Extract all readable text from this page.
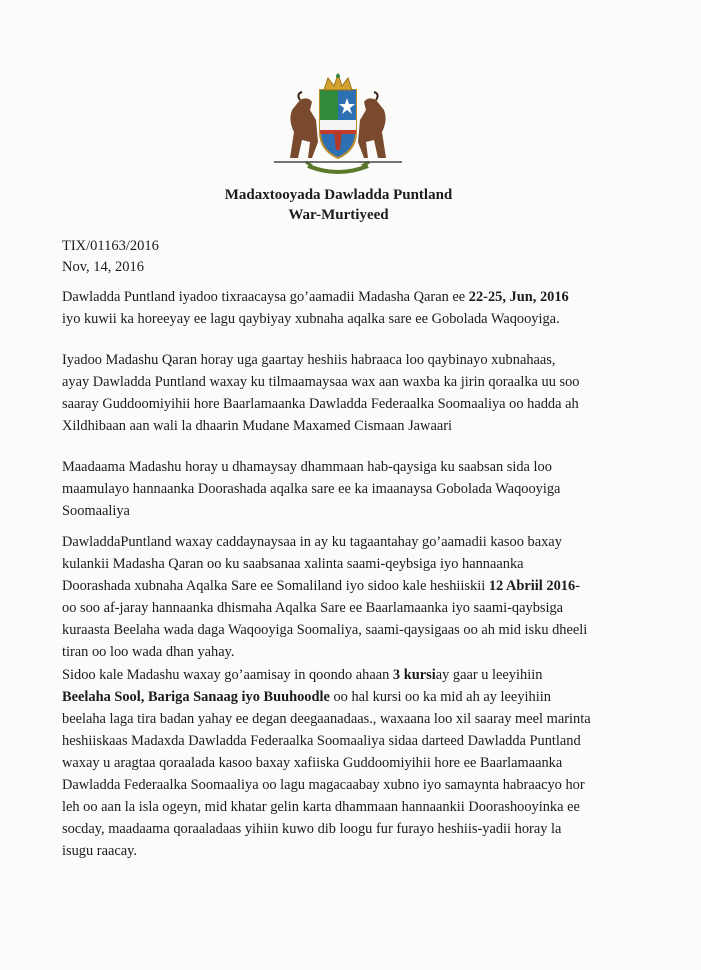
Madaxtooyada Dawladda Puntland
War-Murtiyeed
TIX/01163/2016
Nov, 14, 2016
Dawladda Puntland iyadoo tixraacaysa go’aamadii Madasha Qaran ee 22-25, Jun, 2016
iyo kuwii ka horeeyay ee lagu qaybiyay xubnaha aqalka sare ee Gobolada Waqooyiga.
Iyadoo Madashu Qaran horay uga gaartay heshiis habraaca loo qaybinayo xubnahaas,
ayay Dawladda Puntland waxay ku tilmaamaysaa wax aan waxba ka jirin qoraalka uu soo
saaray Guddoomiyihii hore Baarlamaanka Dawladda Federaalka Soomaaliya oo hadda ah
Xildhibaan aan wali la dhaarin Mudane Maxamed Cismaan Jawaari
Maadaama Madashu horay u dhamaysay dhammaan hab-qaysiga ku saabsan sida loo
maamulayo hannaanka Doorashada aqalka sare ee ka imaanaysa Gobolada Waqooyiga
Soomaaliya
DawladdaPuntland waxay caddaynaysaa in ay ku tagaantahay go’aamadii kasoo baxay
kulankii Madasha Qaran oo ku saabsanaa xalinta saami-qeybsiga iyo hannaanka
Doorashada xubnaha Aqalka Sare ee Somaliland iyo sidoo kale heshiiskii 12 Abriil 2016-
oo soo af-jaray hannaanka dhismaha Aqalka Sare ee Baarlamaanka iyo saami-qaybsiga
kuraasta Beelaha wada daga Waqooyiga Soomaliya, saami-qaysigaas oo ah mid isku dheeli
tiran oo loo wada dhan yahay.
Sidoo kale Madashu waxay go’aamisay in qoondo ahaan 3 kursiay gaar u leeyihiin
Beelaha Sool, Bariga Sanaag iyo Buuhoodle oo hal kursi oo ka mid ah ay leeyihiin
beelaha laga tira badan yahay ee degan deegaanadaas., waxaana loo xil saaray meel marinta
heshiiskaas Madaxda Dawladda Federaalka Soomaaliya sidaa darteed Dawladda Puntland
waxay u aragtaa qoraalada kasoo baxay xafiiska Guddoomiyihii hore ee Baarlamaanka
Dawladda Federaalka Soomaaliya oo lagu magacaabay xubno iyo samaynta habraacyo hor
leh oo aan la isla ogeyn, mid khatar gelin karta dhammaan hannaankii Doorashooyinka ee
socday, maadaama qoraaladaas yihiin kuwo dib loogu fur furayo heshiis-yadii horay la
isugu raacay.
